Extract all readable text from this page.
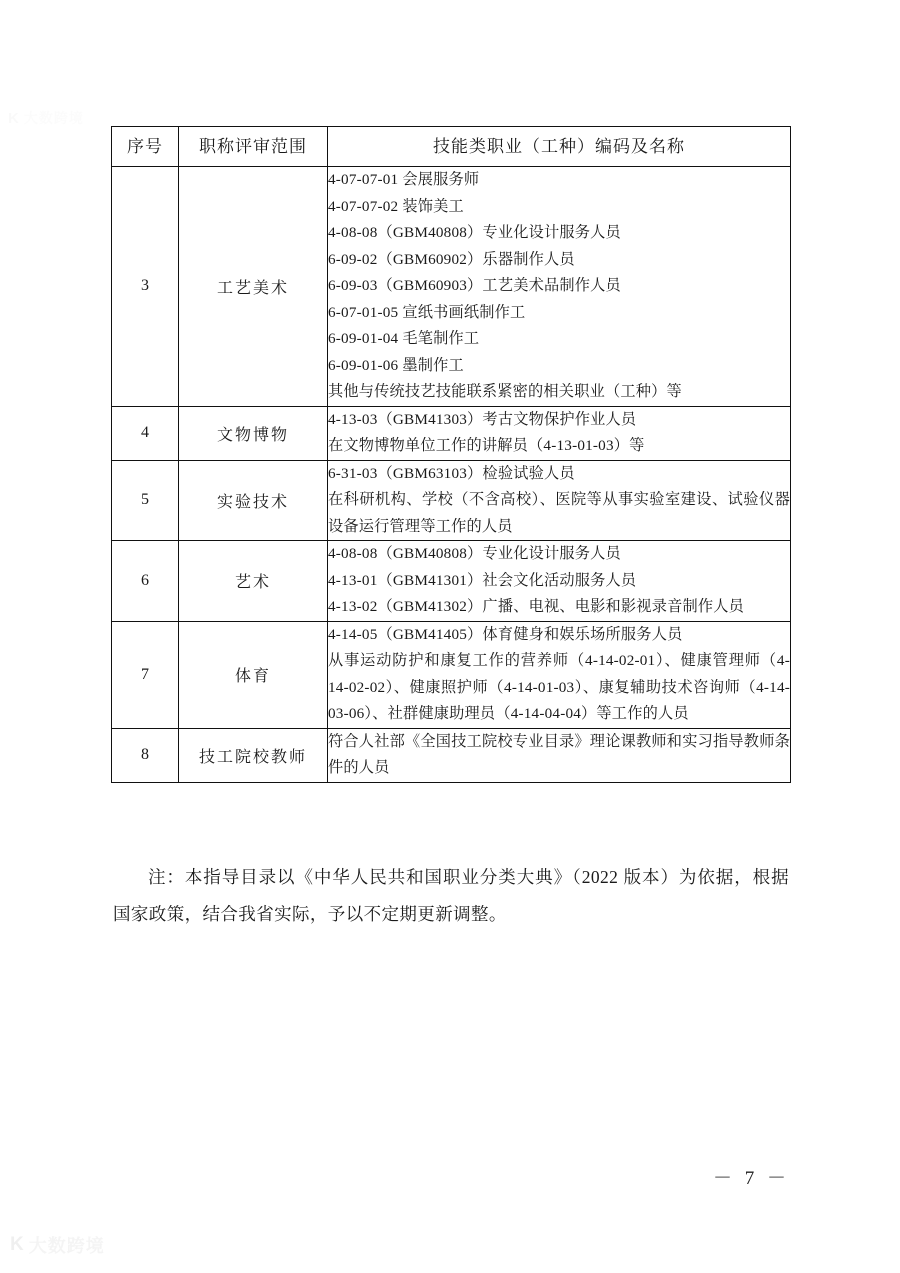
K 大数跨境
序号	职称评审范围	技能类职业（工种）编码及名称
3	工艺美术	
4-07-07-01 会展服务师
4-07-07-02 装饰美工
4-08-08（GBM40808）专业化设计服务人员
6-09-02（GBM60902）乐器制作人员
6-09-03（GBM60903）工艺美术品制作人员
6-07-01-05 宣纸书画纸制作工
6-09-01-04 毛笔制作工
6-09-01-06 墨制作工
其他与传统技艺技能联系紧密的相关职业（工种）等

4	文物博物	4-13-03（GBM41303）考古文物保护作业人员
在文物博物单位工作的讲解员（4-13-01-03）等

5	实验技术	6-31-03（GBM63103）检验试验人员
在科研机构、学校（不含高校）、医院等从事实验室建设、试验仪器设备运行管理等工作的人员

6	艺术	4-08-08（GBM40808）专业化设计服务人员
4-13-01（GBM41301）社会文化活动服务人员
4-13-02（GBM41302）广播、电视、电影和影视录音制作人员

7	体育	4-14-05（GBM41405）体育健身和娱乐场所服务人员
从事运动防护和康复工作的营养师（4-14-02-01）、健康管理师（4-14-02-02）、健康照护师（4-14-01-03）、康复辅助技术咨询师（4-14-03-06）、社群健康助理员（4-14-04-04）等工作的人员

8	技工院校教师	符合人社部《全国技工院校专业目录》理论课教师和实习指导教师条件的人员
注：本指导目录以《中华人民共和国职业分类大典》（2022 版本）为依据，根据国家政策，结合我省实际，予以不定期更新调整。
－ 7 －
K 大数跨境
